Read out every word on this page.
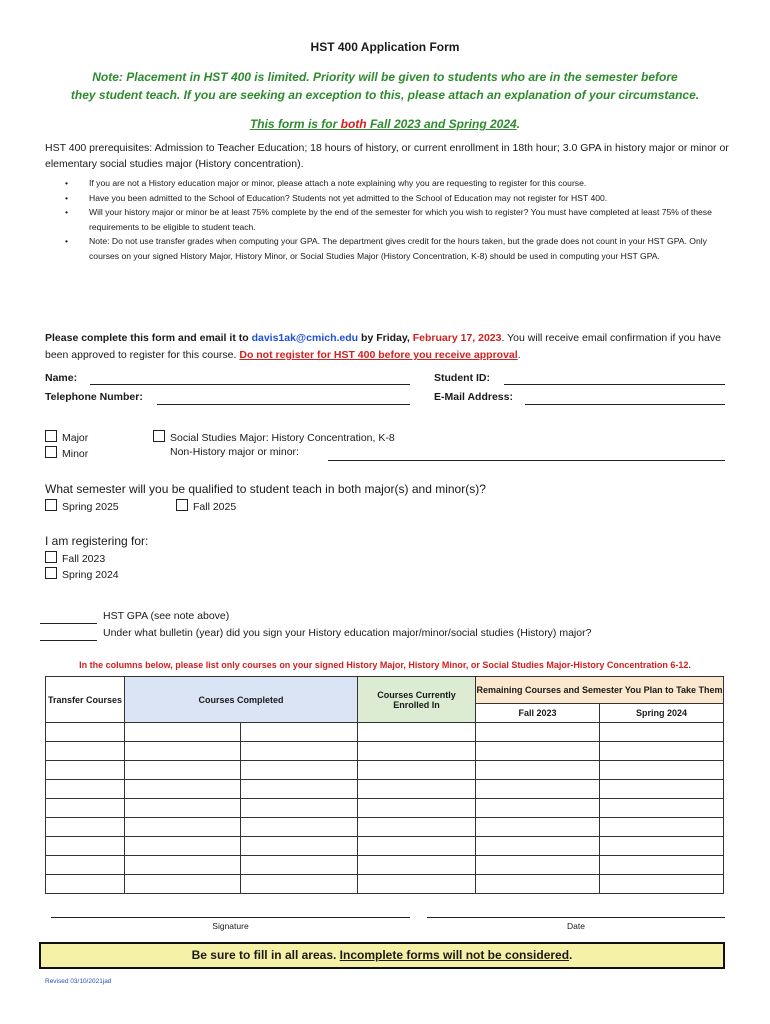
HST 400 Application Form
Note: Placement in HST 400 is limited. Priority will be given to students who are in the semester before
they student teach. If you are seeking an exception to this, please attach an explanation of your circumstance.
This form is for both Fall 2023 and Spring 2024.
HST 400 prerequisites: Admission to Teacher Education; 18 hours of history, or current enrollment in 18th hour; 3.0 GPA in history major or minor or elementary social studies major (History concentration).
• If you are not a History education major or minor, please attach a note explaining why you are requesting to register for this course.
• Have you been admitted to the School of Education? Students not yet admitted to the School of Education may not register for HST 400.
• Will your history major or minor be at least 75% complete by the end of the semester for which you wish to register? You must have completed at least 75% of these requirements to be eligible to student teach.
• Note: Do not use transfer grades when computing your GPA. The department gives credit for the hours taken, but the grade does not count in your HST GPA. Only courses on your signed History Major, History Minor, or Social Studies Major (History Concentration, K-8) should be used in computing your HST GPA.
Please complete this form and email it to davis1ak@cmich.edu by Friday, February 17, 2023. You will receive email confirmation if you have been approved to register for this course. Do not register for HST 400 before you receive approval.
Name:	Student ID:
Telephone Number:	E-Mail Address:
Major
Minor
Social Studies Major: History Concentration, K-8
Non-History major or minor:
What semester will you be qualified to student teach in both major(s) and minor(s)?
Spring 2025	Fall 2025
I am registering for:
Fall 2023
Spring 2024
HST GPA (see note above)
Under what bulletin (year) did you sign your History education major/minor/social studies (History) major?
In the columns below, please list only courses on your signed History Major, History Minor, or Social Studies Major-History Concentration 6-12.
Transfer Courses	Courses Completed		Courses Currently Enrolled In	Remaining Courses and Semester You Plan to Take Them	
				Fall 2023	Spring 2024

Signature	Date
Be sure to fill in all areas. Incomplete forms will not be considered.
Revised 03/10/2021jad
